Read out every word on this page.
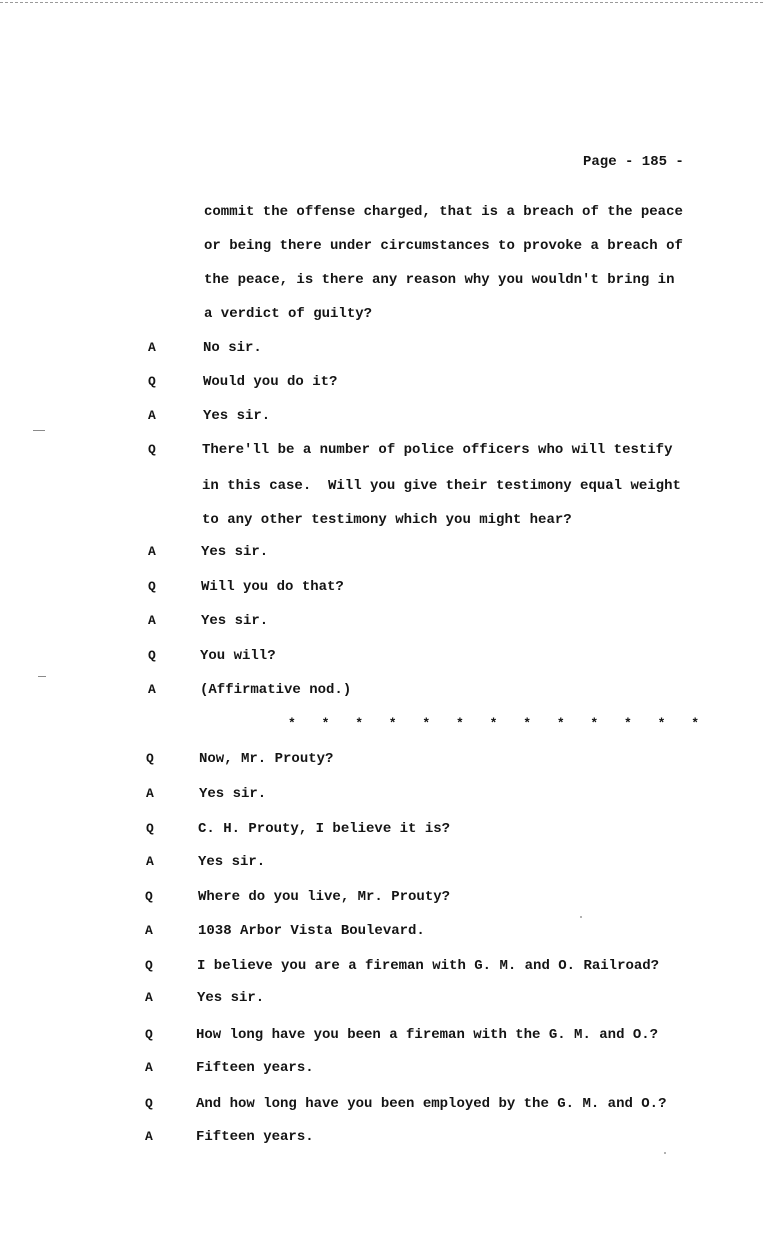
Page - 185 -
commit the offense charged, that is a breach of the peace
or being there under circumstances to provoke a breach of
the peace, is there any reason why you wouldn't bring in
a verdict of guilty?
A	No sir.
Q	Would you do it?
A	Yes sir.
Q	There'll be a number of police officers who will testify
in this case.  Will you give their testimony equal weight
to any other testimony which you might hear?
A	Yes sir.
Q	Will you do that?
A	Yes sir.
Q	You will?
A	(Affirmative nod.)
* * * * * * * * * * * * *
Q	Now, Mr. Prouty?
A	Yes sir.
Q	C. H. Prouty, I believe it is?
A	Yes sir.
Q	Where do you live, Mr. Prouty?
A	1038 Arbor Vista Boulevard.
Q	I believe you are a fireman with G. M. and O. Railroad?
A	Yes sir.
Q	How long have you been a fireman with the G. M. and O.?
A	Fifteen years.
Q	And how long have you been employed by the G. M. and O.?
A	Fifteen years.
